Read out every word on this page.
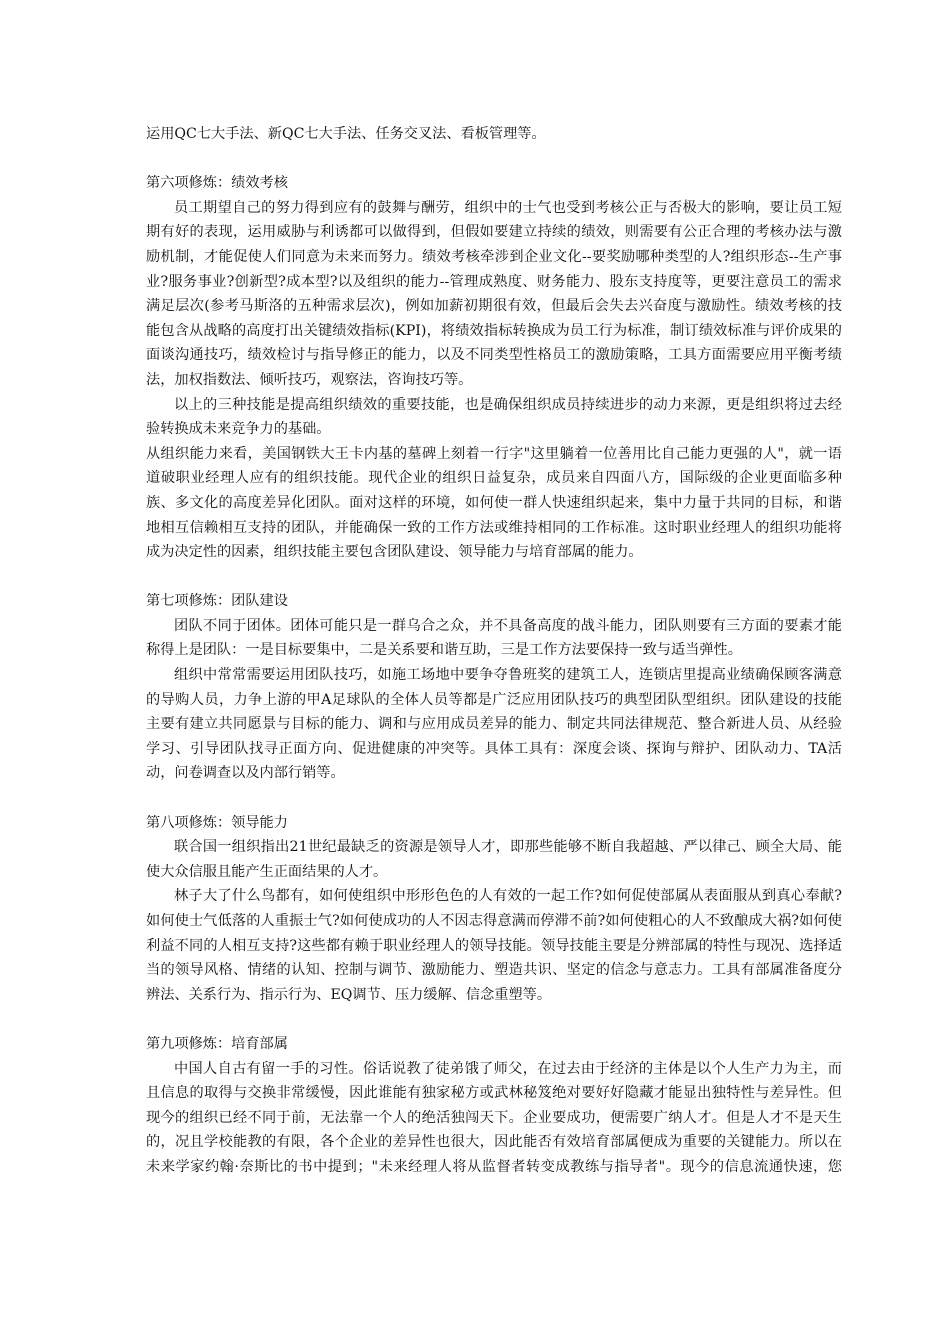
运用QC七大手法、新QC七大手法、任务交叉法、看板管理等。

第六项修炼：绩效考核

员工期望自己的努力得到应有的鼓舞与酬劳，组织中的士气也受到考核公正与否极大的影响，要让员工短

期有好的表现，运用威胁与利诱都可以做得到，但假如要建立持续的绩效，则需要有公正合理的考核办法与激

励机制，才能促使人们同意为未来而努力。绩效考核牵涉到企业文化--要奖励哪种类型的人?组织形态--生产事

业?服务事业?创新型?成本型?以及组织的能力--管理成熟度、财务能力、股东支持度等，更要注意员工的需求

满足层次(参考马斯洛的五种需求层次)，例如加薪初期很有效，但最后会失去兴奋度与激励性。绩效考核的技

能包含从战略的高度打出关键绩效指标(KPI)，将绩效指标转换成为员工行为标准，制订绩效标准与评价成果的

面谈沟通技巧，绩效检讨与指导修正的能力，以及不同类型性格员工的激励策略，工具方面需要应用平衡考绩

法，加权指数法、倾听技巧，观察法，咨询技巧等。

以上的三种技能是提高组织绩效的重要技能，也是确保组织成员持续进步的动力来源，更是组织将过去经

验转换成未来竞争力的基础。

从组织能力来看，美国钢铁大王卡内基的墓碑上刻着一行字"这里躺着一位善用比自己能力更强的人"，就一语

道破职业经理人应有的组织技能。现代企业的组织日益复杂，成员来自四面八方，国际级的企业更面临多种

族、多文化的高度差异化团队。面对这样的环境，如何使一群人快速组织起来，集中力量于共同的目标，和谐

地相互信赖相互支持的团队，并能确保一致的工作方法或维持相同的工作标准。这时职业经理人的组织功能将

成为决定性的因素，组织技能主要包含团队建设、领导能力与培育部属的能力。

第七项修炼：团队建设

团队不同于团体。团体可能只是一群乌合之众，并不具备高度的战斗能力，团队则要有三方面的要素才能

称得上是团队：一是目标要集中，二是关系要和谐互助，三是工作方法要保持一致与适当弹性。

组织中常常需要运用团队技巧，如施工场地中要争夺鲁班奖的建筑工人，连锁店里提高业绩确保顾客满意

的导购人员，力争上游的甲A足球队的全体人员等都是广泛应用团队技巧的典型团队型组织。团队建设的技能

主要有建立共同愿景与目标的能力、调和与应用成员差异的能力、制定共同法律规范、整合新进人员、从经验

学习、引导团队找寻正面方向、促进健康的冲突等。具体工具有：深度会谈、探询与辩护、团队动力、TA活

动，问卷调查以及内部行销等。

第八项修炼：领导能力

联合国一组织指出21世纪最缺乏的资源是领导人才，即那些能够不断自我超越、严以律己、顾全大局、能

使大众信服且能产生正面结果的人才。

林子大了什么鸟都有，如何使组织中形形色色的人有效的一起工作?如何促使部属从表面服从到真心奉献?

如何使士气低落的人重振士气?如何使成功的人不因志得意满而停滞不前?如何使粗心的人不致酿成大祸?如何使

利益不同的人相互支持?这些都有赖于职业经理人的领导技能。领导技能主要是分辨部属的特性与现况、选择适

当的领导风格、情绪的认知、控制与调节、激励能力、塑造共识、坚定的信念与意志力。工具有部属准备度分

辨法、关系行为、指示行为、EQ调节、压力缓解、信念重塑等。

第九项修炼：培育部属

中国人自古有留一手的习性。俗话说教了徒弟饿了师父，在过去由于经济的主体是以个人生产力为主，而

且信息的取得与交换非常缓慢，因此谁能有独家秘方或武林秘笈绝对要好好隐藏才能显出独特性与差异性。但

现今的组织已经不同于前，无法靠一个人的绝活独闯天下。企业要成功，便需要广纳人才。但是人才不是天生

的，况且学校能教的有限，各个企业的差异性也很大，因此能否有效培育部属便成为重要的关键能力。所以在

未来学家约翰·奈斯比的书中提到；"未来经理人将从监督者转变成教练与指导者"。现今的信息流通快速，您
